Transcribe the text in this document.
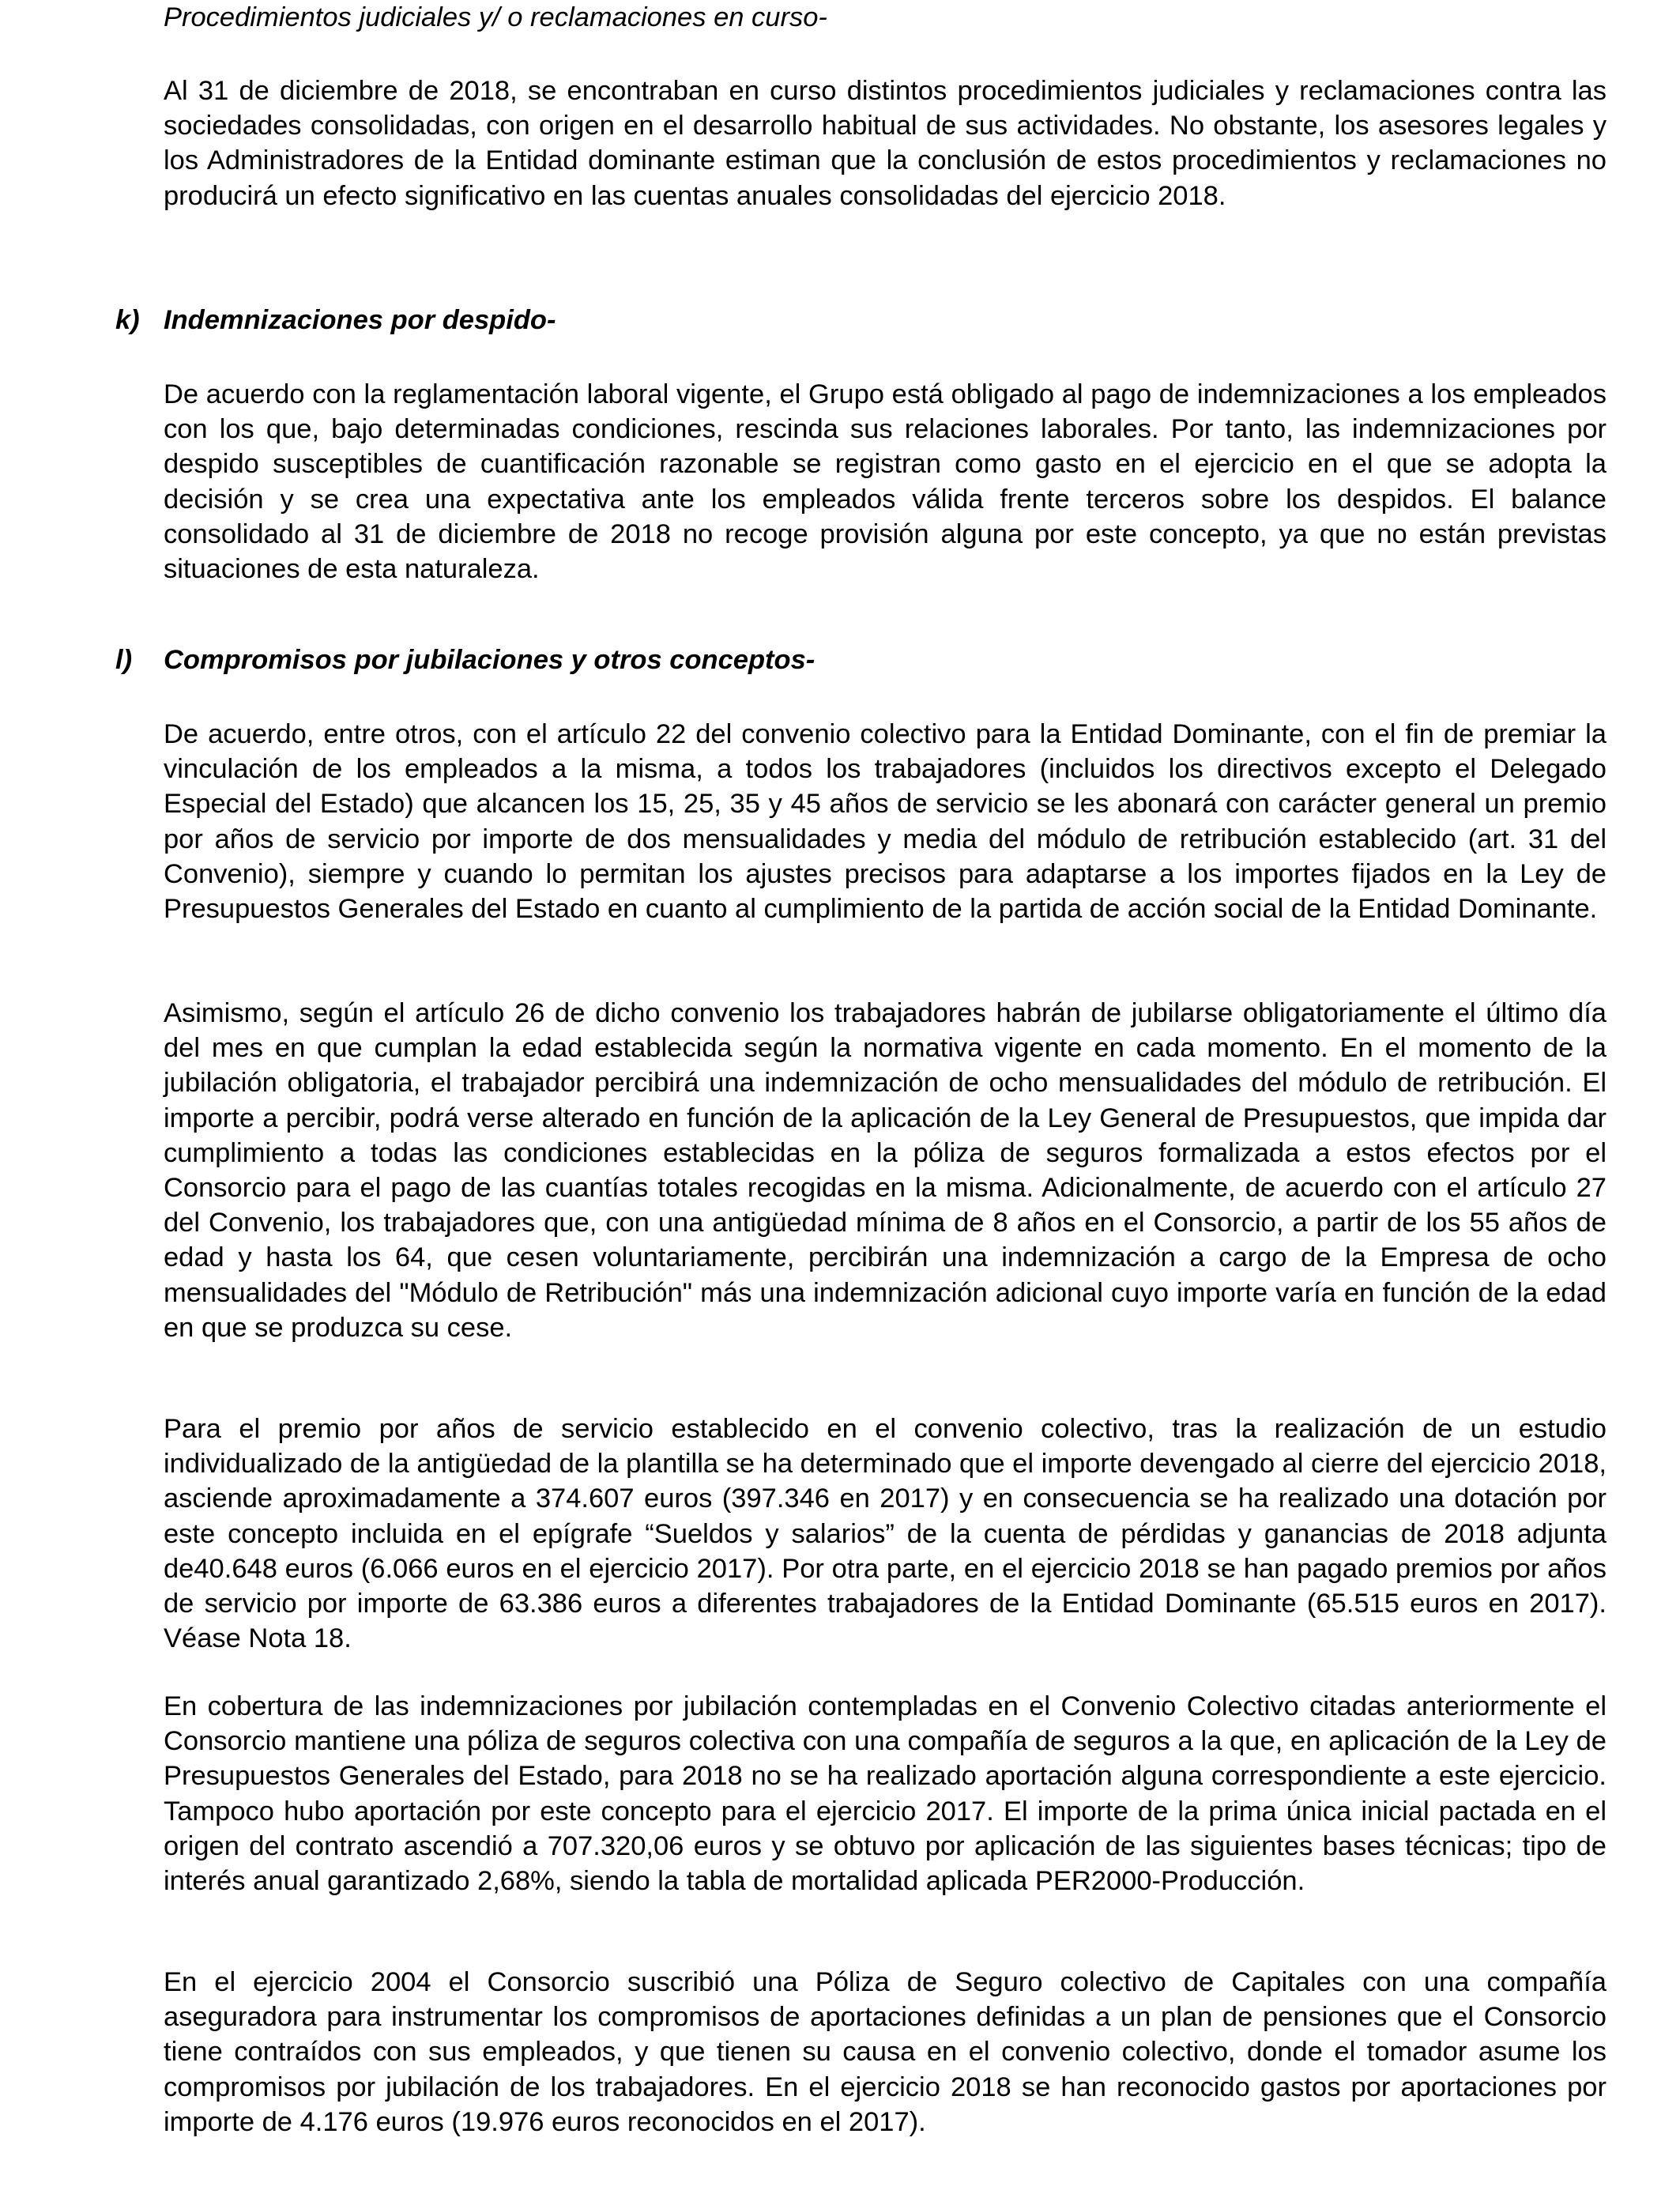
Procedimientos judiciales y/ o reclamaciones en curso-

Al 31 de diciembre de 2018, se encontraban en curso distintos procedimientos judiciales y reclamaciones contra las sociedades consolidadas, con origen en el desarrollo habitual de sus actividades. No obstante, los asesores legales y los Administradores de la Entidad dominante estiman que la conclusión de estos procedimientos y reclamaciones no producirá un efecto significativo en las cuentas anuales consolidadas del ejercicio 2018.

k) Indemnizaciones por despido-

De acuerdo con la reglamentación laboral vigente, el Grupo está obligado al pago de indemnizaciones a los empleados con los que, bajo determinadas condiciones, rescinda sus relaciones laborales. Por tanto, las indemnizaciones por despido susceptibles de cuantificación razonable se registran como gasto en el ejercicio en el que se adopta la decisión y se crea una expectativa ante los empleados válida frente terceros sobre los despidos. El balance consolidado al 31 de diciembre de 2018 no recoge provisión alguna por este concepto, ya que no están previstas situaciones de esta naturaleza.

l) Compromisos por jubilaciones y otros conceptos-

De acuerdo, entre otros, con el artículo 22 del convenio colectivo para la Entidad Dominante, con el fin de premiar la vinculación de los empleados a la misma, a todos los trabajadores (incluidos los directivos excepto el Delegado Especial del Estado) que alcancen los 15, 25, 35 y 45 años de servicio se les abonará con carácter general un premio por años de servicio por importe de dos mensualidades y media del módulo de retribución establecido (art. 31 del Convenio), siempre y cuando lo permitan los ajustes precisos para adaptarse a los importes fijados en la Ley de Presupuestos Generales del Estado en cuanto al cumplimiento de la partida de acción social de la Entidad Dominante.

Asimismo, según el artículo 26 de dicho convenio los trabajadores habrán de jubilarse obligatoriamente el último día del mes en que cumplan la edad establecida según la normativa vigente en cada momento. En el momento de la jubilación obligatoria, el trabajador percibirá una indemnización de ocho mensualidades del módulo de retribución. El importe a percibir, podrá verse alterado en función de la aplicación de la Ley General de Presupuestos, que impida dar cumplimiento a todas las condiciones establecidas en la póliza de seguros formalizada a estos efectos por el Consorcio para el pago de las cuantías totales recogidas en la misma. Adicionalmente, de acuerdo con el artículo 27 del Convenio, los trabajadores que, con una antigüedad mínima de 8 años en el Consorcio, a partir de los 55 años de edad y hasta los 64, que cesen voluntariamente, percibirán una indemnización a cargo de la Empresa de ocho mensualidades del "Módulo de Retribución" más una indemnización adicional cuyo importe varía en función de la edad en que se produzca su cese.

Para el premio por años de servicio establecido en el convenio colectivo, tras la realización de un estudio individualizado de la antigüedad de la plantilla se ha determinado que el importe devengado al cierre del ejercicio 2018, asciende aproximadamente a 374.607 euros (397.346 en 2017) y en consecuencia se ha realizado una dotación por este concepto incluida en el epígrafe “Sueldos y salarios” de la cuenta de pérdidas y ganancias de 2018 adjunta de40.648 euros (6.066 euros en el ejercicio 2017). Por otra parte, en el ejercicio 2018 se han pagado premios por años de servicio por importe de 63.386 euros a diferentes trabajadores de la Entidad Dominante (65.515 euros en 2017). Véase Nota 18.

En cobertura de las indemnizaciones por jubilación contempladas en el Convenio Colectivo citadas anteriormente el Consorcio mantiene una póliza de seguros colectiva con una compañía de seguros a la que, en aplicación de la Ley de Presupuestos Generales del Estado, para 2018 no se ha realizado aportación alguna correspondiente a este ejercicio. Tampoco hubo aportación por este concepto para el ejercicio 2017. El importe de la prima única inicial pactada en el origen del contrato ascendió a 707.320,06 euros y se obtuvo por aplicación de las siguientes bases técnicas; tipo de interés anual garantizado 2,68%, siendo la tabla de mortalidad aplicada PER2000-Producción.

En el ejercicio 2004 el Consorcio suscribió una Póliza de Seguro colectivo de Capitales con una compañía aseguradora para instrumentar los compromisos de aportaciones definidas a un plan de pensiones que el Consorcio tiene contraídos con sus empleados, y que tienen su causa en el convenio colectivo, donde el tomador asume los compromisos por jubilación de los trabajadores. En el ejercicio 2018 se han reconocido gastos por aportaciones por importe de 4.176 euros (19.976 euros reconocidos en el 2017).
